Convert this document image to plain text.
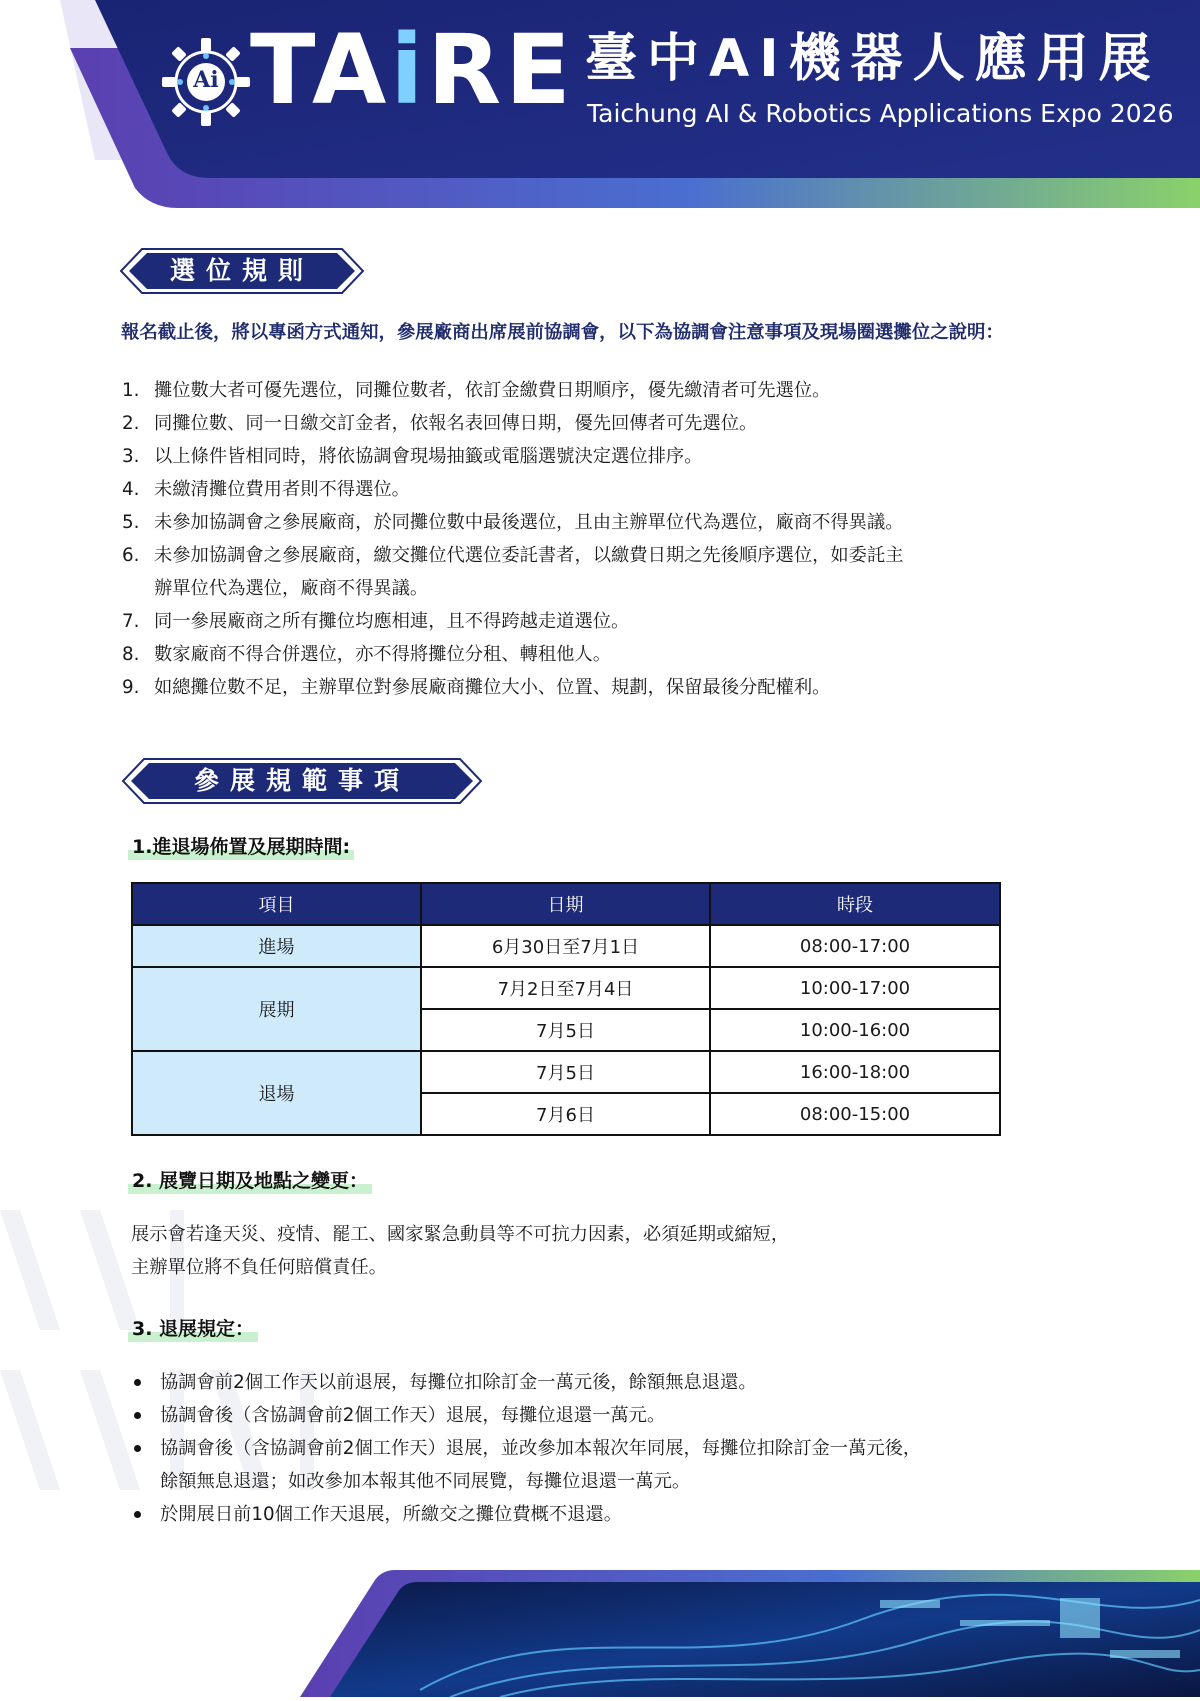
Ai TAiRE 臺中AI機器人應用展
Taichung AI & Robotics Applications Expo 2026
選位規則
報名截止後，將以專函方式通知，參展廠商出席展前協調會，以下為協調會注意事項及現場圈選攤位之說明：
1. 攤位數大者可優先選位，同攤位數者，依訂金繳費日期順序，優先繳清者可先選位。
2. 同攤位數、同一日繳交訂金者，依報名表回傳日期，優先回傳者可先選位。
3. 以上條件皆相同時，將依協調會現場抽籤或電腦選號決定選位排序。
4. 未繳清攤位費用者則不得選位。
5. 未參加協調會之參展廠商，於同攤位數中最後選位，且由主辦單位代為選位，廠商不得異議。
6. 未參加協調會之參展廠商，繳交攤位代選位委託書者，以繳費日期之先後順序選位，如委託主
辦單位代為選位，廠商不得異議。
7. 同一參展廠商之所有攤位均應相連，且不得跨越走道選位。
8. 數家廠商不得合併選位，亦不得將攤位分租、轉租他人。
9. 如總攤位數不足，主辦單位對參展廠商攤位大小、位置、規劃，保留最後分配權利。
參展規範事項
1.進退場佈置及展期時間:
項目	日期	時段
進場	6月30日至7月1日	08:00-17:00
展期	7月2日至7月4日	10:00-17:00
	7月5日	10:00-16:00
退場	7月5日	16:00-18:00
	7月6日	08:00-15:00
2. 展覽日期及地點之變更：
展示會若逢天災、疫情、罷工、國家緊急動員等不可抗力因素，必須延期或縮短，
主辦單位將不負任何賠償責任。
3. 退展規定：
協調會前2個工作天以前退展，每攤位扣除訂金一萬元後，餘額無息退還。
協調會後（含協調會前2個工作天）退展，每攤位退還一萬元。
協調會後（含協調會前2個工作天）退展，並改參加本報次年同展，每攤位扣除訂金一萬元後，
餘額無息退還；如改參加本報其他不同展覽，每攤位退還一萬元。
於開展日前10個工作天退展，所繳交之攤位費概不退還。
